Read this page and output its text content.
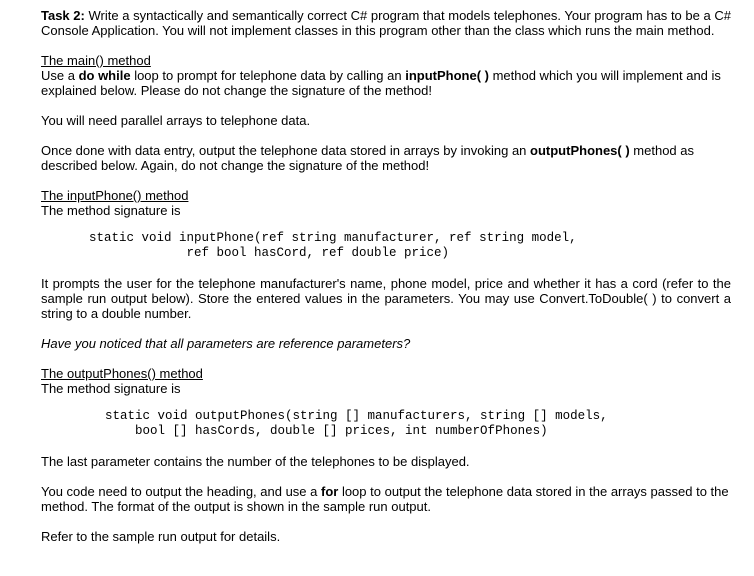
Task 2: Write a syntactically and semantically correct C# program that models telephones. Your program has to be a C# Console Application. You will not implement classes in this program other than the class which runs the main method.

The main() method

Use a do while loop to prompt for telephone data by calling an inputPhone( ) method which you will implement and is explained below. Please do not change the signature of the method!

You will need parallel arrays to telephone data.

Once done with data entry, output the telephone data stored in arrays by invoking an outputPhones( ) method as described below. Again, do not change the signature of the method!

The inputPhone() method

The method signature is

static void inputPhone(ref string manufacturer, ref string model,
ref bool hasCord, ref double price)

It prompts the user for the telephone manufacturer's name, phone model, price and whether it has a cord (refer to the sample run output below). Store the entered values in the parameters. You may use Convert.ToDouble( ) to convert a string to a double number.

Have you noticed that all parameters are reference parameters?

The outputPhones() method

The method signature is

static void outputPhones(string [] manufacturers, string [] models,
bool [] hasCords, double [] prices, int numberOfPhones)

The last parameter contains the number of the telephones to be displayed.

You code need to output the heading, and use a for loop to output the telephone data stored in the arrays passed to the method. The format of the output is shown in the sample run output.

Refer to the sample run output for details.
